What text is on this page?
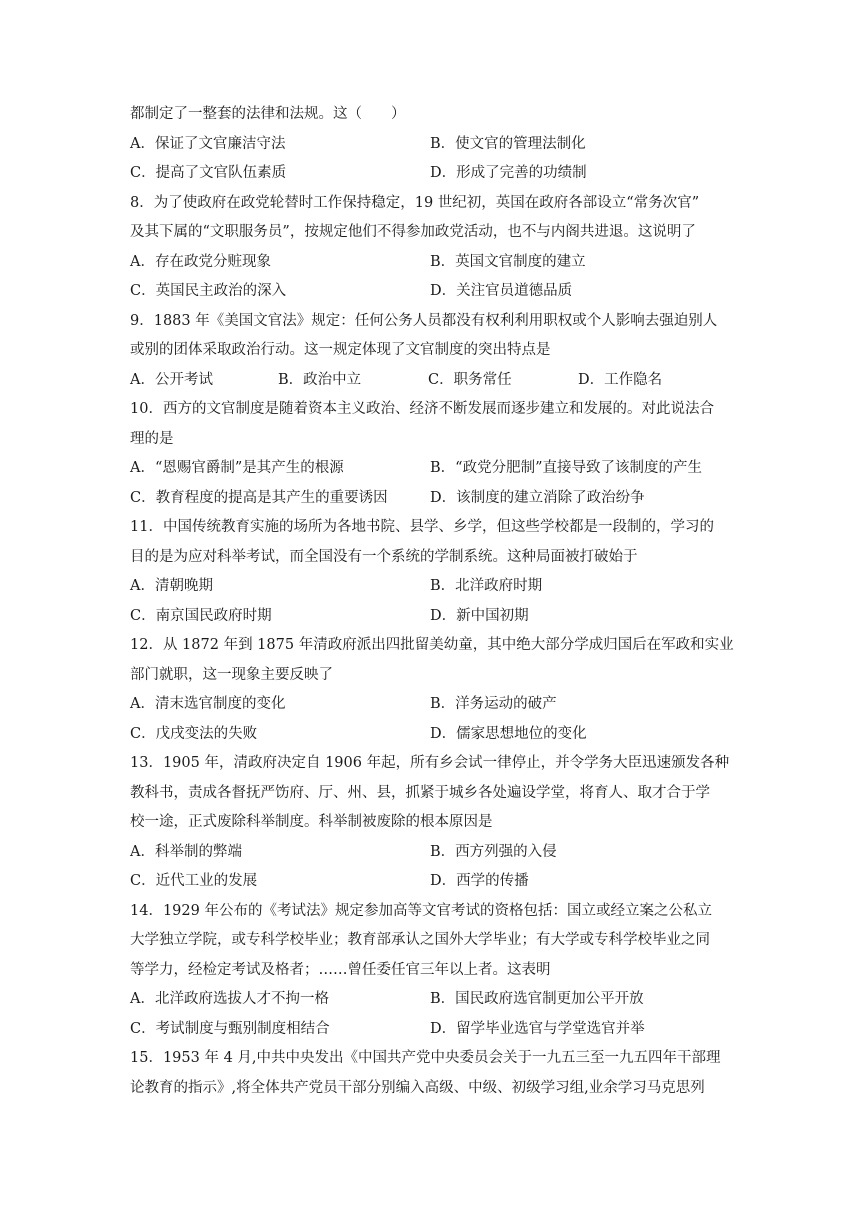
都制定了一整套的法律和法规。这（　　）
A．保证了文官廉洁守法	B．使文官的管理法制化
C．提高了文官队伍素质	D．形成了完善的功绩制
8．为了使政府在政党轮替时工作保持稳定，19 世纪初，英国在政府各部设立“常务次官”
及其下属的“文职服务员”，按规定他们不得参加政党活动，也不与内阁共进退。这说明了
A．存在政党分赃现象	B．英国文官制度的建立
C．英国民主政治的深入	D．关注官员道德品质
9．1883 年《美国文官法》规定：任何公务人员都没有权利利用职权或个人影响去强迫别人
或别的团体采取政治行动。这一规定体现了文官制度的突出特点是
A．公开考试	B．政治中立	C．职务常任	D．工作隐名
10．西方的文官制度是随着资本主义政治、经济不断发展而逐步建立和发展的。对此说法合
理的是
A．“恩赐官爵制”是其产生的根源	B．“政党分肥制”直接导致了该制度的产生
C．教育程度的提高是其产生的重要诱因	D．该制度的建立消除了政治纷争
11．中国传统教育实施的场所为各地书院、县学、乡学，但这些学校都是一段制的，学习的
目的是为应对科举考试，而全国没有一个系统的学制系统。这种局面被打破始于
A．清朝晚期	B．北洋政府时期
C．南京国民政府时期	D．新中国初期
12．从 1872 年到 1875 年清政府派出四批留美幼童，其中绝大部分学成归国后在军政和实业
部门就职，这一现象主要反映了
A．清末选官制度的变化	B．洋务运动的破产
C．戊戌变法的失败	D．儒家思想地位的变化
13．1905 年，清政府决定自 1906 年起，所有乡会试一律停止，并令学务大臣迅速颁发各种
教科书，责成各督抚严饬府、厅、州、县，抓紧于城乡各处遍设学堂，将育人、取才合于学
校一途，正式废除科举制度。科举制被废除的根本原因是
A．科举制的弊端	B．西方列强的入侵
C．近代工业的发展	D．西学的传播
14．1929 年公布的《考试法》规定参加高等文官考试的资格包括：国立或经立案之公私立
大学独立学院，或专科学校毕业；教育部承认之国外大学毕业；有大学或专科学校毕业之同
等学力，经检定考试及格者；……曾任委任官三年以上者。这表明
A．北洋政府选拔人才不拘一格	B．国民政府选官制更加公平开放
C．考试制度与甄别制度相结合	D．留学毕业选官与学堂选官并举
15．1953 年 4 月,中共中央发出《中国共产党中央委员会关于一九五三至一九五四年干部理
论教育的指示》,将全体共产党员干部分别编入高级、中级、初级学习组,业余学习马克思列
